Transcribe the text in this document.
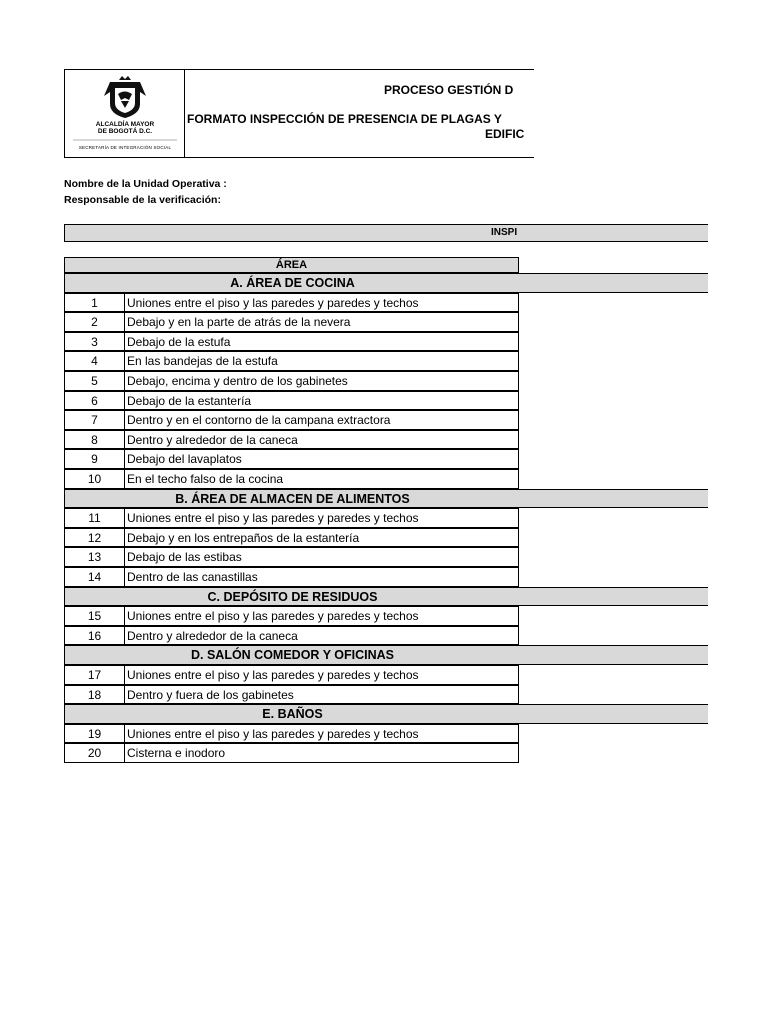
ALCALDÍA MAYOR
DE BOGOTÁ D.C.
SECRETARÍA DE INTEGRACIÓN SOCIAL
PROCESO GESTIÓN D
FORMATO INSPECCIÓN DE PRESENCIA DE PLAGAS Y
EDIFIC
Nombre de la Unidad Operativa :
Responsable de la verificación:
INSPI
ÁREA
A. ÁREA DE COCINA
1	Uniones entre el piso y las paredes y paredes y techos
2	Debajo y en la parte de atrás de la nevera
3	Debajo de la estufa
4	En las bandejas de la estufa
5	Debajo, encima y dentro de los gabinetes
6	Debajo de la estantería
7	Dentro y en el contorno de la campana extractora
8	Dentro y alrededor de la caneca
9	Debajo del lavaplatos
10	En el techo falso de la cocina
B. ÁREA DE ALMACEN DE ALIMENTOS
11	Uniones entre el piso y las paredes y paredes y techos
12	Debajo y en los entrepaños de la estantería
13	Debajo de las estibas
14	Dentro de las canastillas
C. DEPÓSITO DE RESIDUOS
15	Uniones entre el piso y las paredes y paredes y techos
16	Dentro y alrededor de la caneca
D. SALÓN COMEDOR Y OFICINAS
17	Uniones entre el piso y las paredes y paredes y techos
18	Dentro y fuera de los gabinetes
E. BAÑOS
19	Uniones entre el piso y las paredes y paredes y techos
20	Cisterna e inodoro
